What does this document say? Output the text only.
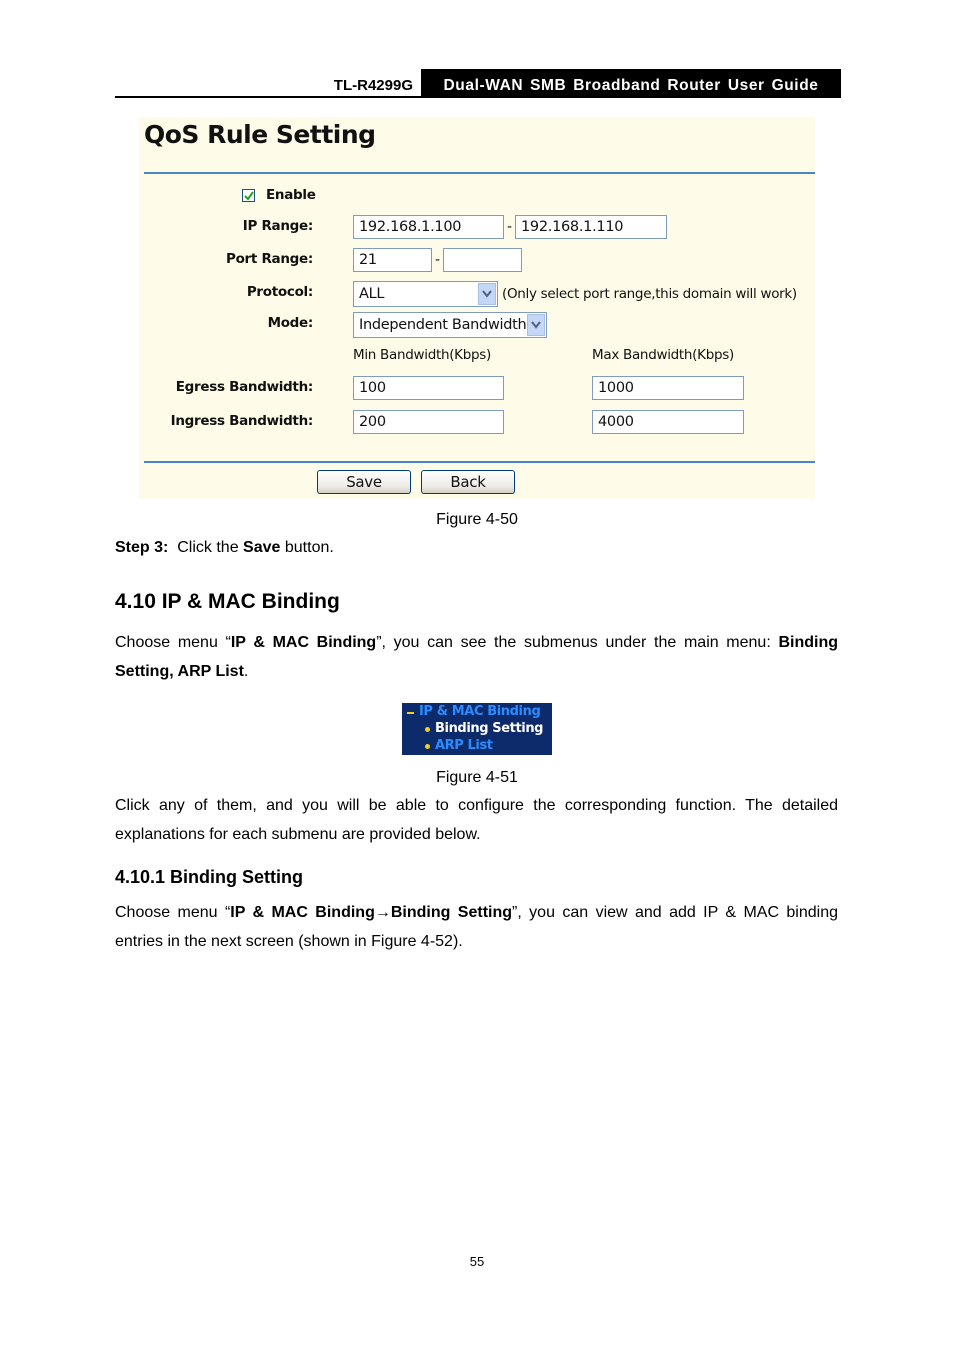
TL-R4299G	Dual-WAN SMB Broadband Router User Guide
QoS Rule Setting
Enable
IP Range:	192.168.1.100	- 192.168.1.110
Port Range:	21	-
Protocol:	ALL	(Only select port range,this domain will work)
Mode:	Independent Bandwidth
Min Bandwidth(Kbps)	Max Bandwidth(Kbps)
Egress Bandwidth:	100	1000
Ingress Bandwidth:	200	4000
Save	Back
Figure 4-50
Step 3: Click the Save button.
4.10 IP & MAC Binding
Choose menu “IP & MAC Binding”, you can see the submenus under the main menu: Binding Setting, ARP List.
IP & MAC Binding
Binding Setting
ARP List
Figure 4-51
Click any of them, and you will be able to configure the corresponding function. The detailed explanations for each submenu are provided below.
4.10.1 Binding Setting
Choose menu “IP & MAC Binding→Binding Setting”, you can view and add IP & MAC binding entries in the next screen (shown in Figure 4-52).
55
